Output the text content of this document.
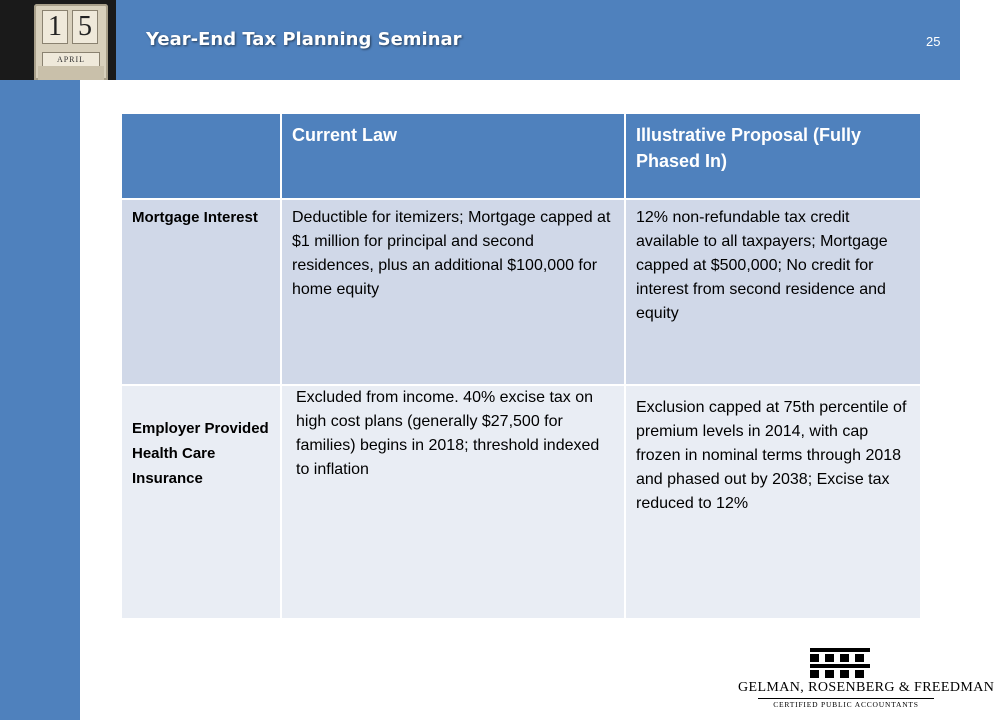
1 5
APRIL
Year-End Tax Planning Seminar	25
	Current Law	Illustrative Proposal (Fully Phased In)
Mortgage Interest	Deductible for itemizers; Mortgage capped at $1 million for principal and second residences, plus an additional $100,000 for home equity	12% non-refundable tax credit available to all taxpayers; Mortgage capped at $500,000; No credit for interest from second residence and equity
Employer Provided Health Care Insurance	Excluded from income. 40% excise tax on high cost plans (generally $27,500 for families) begins in 2018; threshold indexed to inflation	Exclusion capped at 75th percentile of premium levels in 2014, with cap frozen in nominal terms through 2018 and phased out by 2038; Excise tax reduced to 12%
GELMAN, ROSENBERG & FREEDMAN
CERTIFIED PUBLIC ACCOUNTANTS
